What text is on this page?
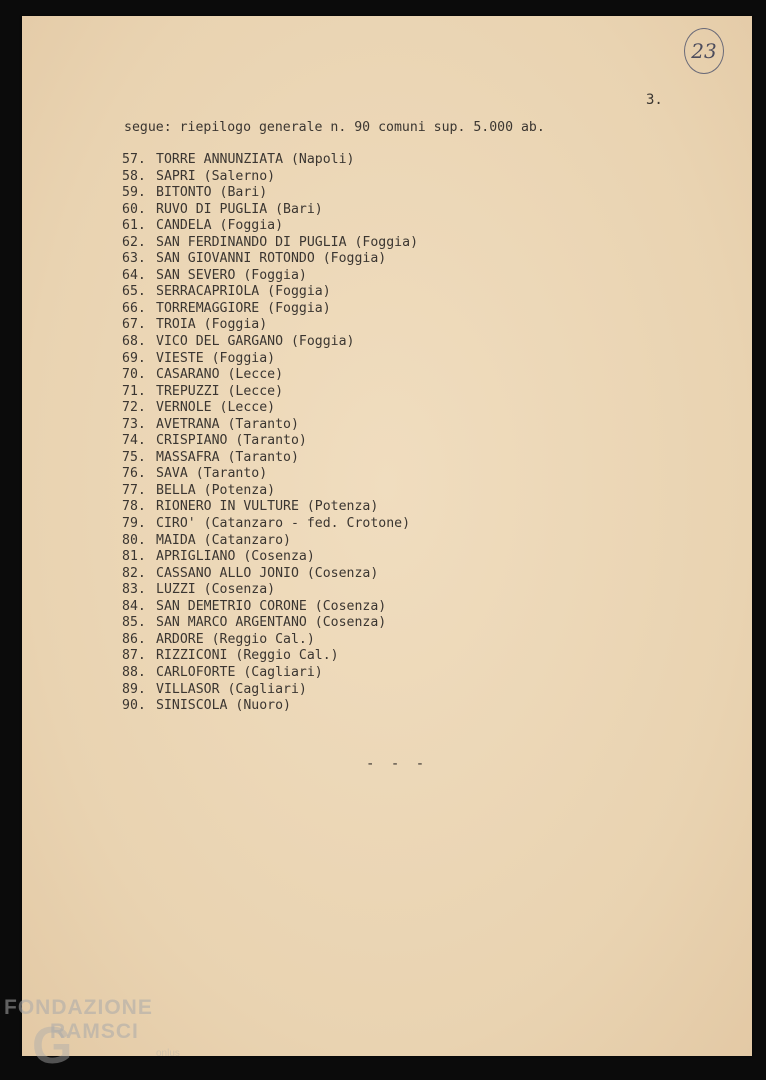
23
3.
segue: riepilogo generale n. 90 comuni sup. 5.000 ab.
57. TORRE ANNUNZIATA (Napoli)
58. SAPRI (Salerno)
59. BITONTO (Bari)
60. RUVO DI PUGLIA (Bari)
61. CANDELA (Foggia)
62. SAN FERDINANDO DI PUGLIA (Foggia)
63. SAN GIOVANNI ROTONDO (Foggia)
64. SAN SEVERO (Foggia)
65. SERRACAPRIOLA (Foggia)
66. TORREMAGGIORE (Foggia)
67. TROIA (Foggia)
68. VICO DEL GARGANO (Foggia)
69. VIESTE (Foggia)
70. CASARANO (Lecce)
71. TREPUZZI (Lecce)
72. VERNOLE (Lecce)
73. AVETRANA (Taranto)
74. CRISPIANO (Taranto)
75. MASSAFRA (Taranto)
76. SAVA (Taranto)
77. BELLA (Potenza)
78. RIONERO IN VULTURE (Potenza)
79. CIRO' (Catanzaro - fed. Crotone)
80. MAIDA (Catanzaro)
81. APRIGLIANO (Cosenza)
82. CASSANO ALLO JONIO (Cosenza)
83. LUZZI (Cosenza)
84. SAN DEMETRIO CORONE (Cosenza)
85. SAN MARCO ARGENTANO (Cosenza)
86. ARDORE (Reggio Cal.)
87. RIZZICONI (Reggio Cal.)
88. CARLOFORTE (Cagliari)
89. VILLASOR (Cagliari)
90. SINISCOLA (Nuoro)
- - -
G
FONDAZIONE
RAMSCI
onlus
